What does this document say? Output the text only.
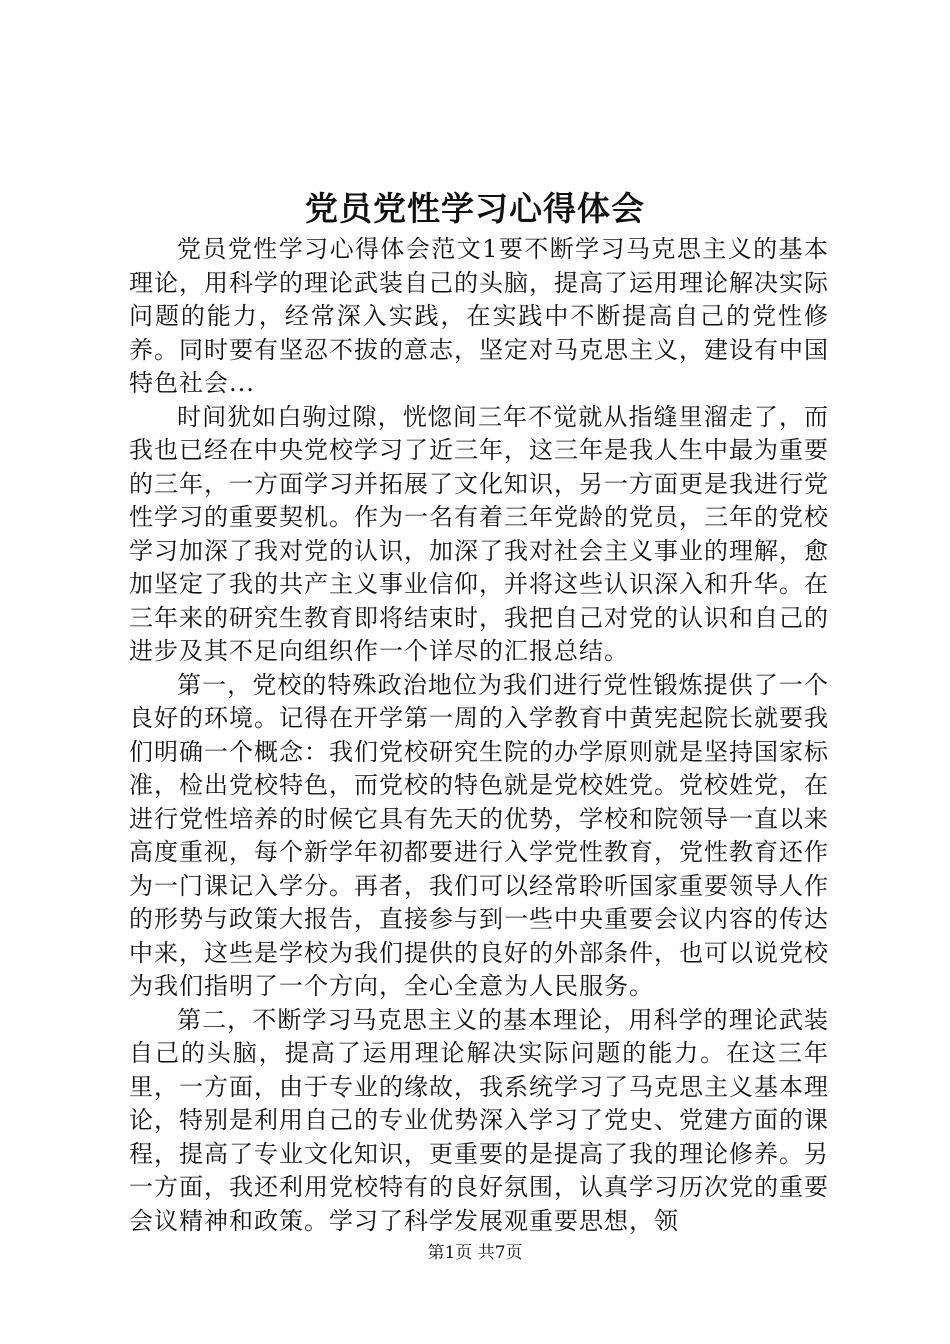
党员党性学习心得体会

党员党性学习心得体会范文1要不断学习马克思主义的基本理论，用科学的理论武装自己的头脑，提高了运用理论解决实际问题的能力，经常深入实践，在实践中不断提高自己的党性修养。同时要有坚忍不拔的意志，坚定对马克思主义，建设有中国特色社会...

时间犹如白驹过隙，恍惚间三年不觉就从指缝里溜走了，而我也已经在中央党校学习了近三年，这三年是我人生中最为重要的三年，一方面学习并拓展了文化知识，另一方面更是我进行党性学习的重要契机。作为一名有着三年党龄的党员，三年的党校学习加深了我对党的认识，加深了我对社会主义事业的理解，愈加坚定了我的共产主义事业信仰，并将这些认识深入和升华。在三年来的研究生教育即将结束时，我把自己对党的认识和自己的进步及其不足向组织作一个详尽的汇报总结。

第一，党校的特殊政治地位为我们进行党性锻炼提供了一个良好的环境。记得在开学第一周的入学教育中黄宪起院长就要我们明确一个概念：我们党校研究生院的办学原则就是坚持国家标准，检出党校特色，而党校的特色就是党校姓党。党校姓党，在进行党性培养的时候它具有先天的优势，学校和院领导一直以来高度重视，每个新学年初都要进行入学党性教育，党性教育还作为一门课记入学分。再者，我们可以经常聆听国家重要领导人作的形势与政策大报告，直接参与到一些中央重要会议内容的传达中来，这些是学校为我们提供的良好的外部条件，也可以说党校为我们指明了一个方向，全心全意为人民服务。

第二，不断学习马克思主义的基本理论，用科学的理论武装自己的头脑，提高了运用理论解决实际问题的能力。在这三年里，一方面，由于专业的缘故，我系统学习了马克思主义基本理论，特别是利用自己的专业优势深入学习了党史、党建方面的课程，提高了专业文化知识，更重要的是提高了我的理论修养。另一方面，我还利用党校特有的良好氛围，认真学习历次党的重要会议精神和政策。学习了科学发展观重要思想，领

第1页 共7页
